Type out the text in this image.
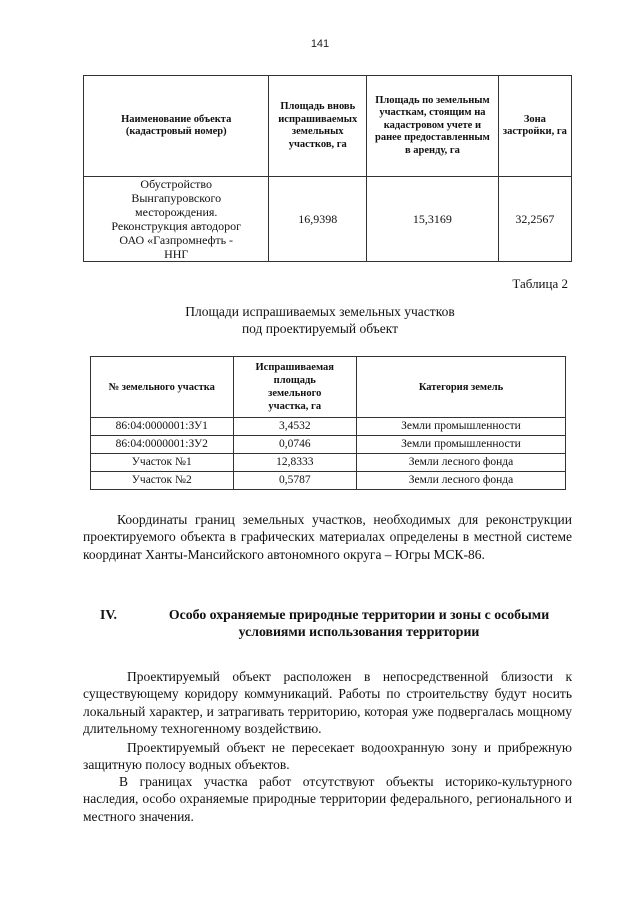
141
Наименование объекта (кадастровый номер)	Площадь вновь испрашиваемых земельных участков, га	Площадь по земельным участкам, стоящим на кадастровом учете и ранее предоставленным в аренду, га	Зона застройки, га
Обустройство Вынгапуровского месторождения. Реконструкция автодорог ОАО «Газпромнефть - ННГ	16,9398	15,3169	32,2567
Таблица 2
Площади испрашиваемых земельных участков
под проектируемый объект
№ земельного участка	Испрашиваемая площадь земельного участка, га	Категория земель
86:04:0000001:ЗУ1	3,4532	Земли промышленности
86:04:0000001:ЗУ2	0,0746	Земли промышленности
Участок №1	12,8333	Земли лесного фонда
Участок №2	0,5787	Земли лесного фонда
Координаты границ земельных участков, необходимых для реконструкции проектируемого объекта в графических материалах определены в местной системе координат Ханты-Мансийского автономного округа – Югры МСК-86.
IV.	Особо охраняемые природные территории и зоны с особыми условиями использования территории
Проектируемый объект расположен в непосредственной близости к существующему коридору коммуникаций. Работы по строительству будут носить локальный характер, и затрагивать территорию, которая уже подвергалась мощному длительному техногенному воздействию.
Проектируемый объект не пересекает водоохранную зону и прибрежную защитную полосу водных объектов.
В границах участка работ отсутствуют объекты историко-культурного наследия, особо охраняемые природные территории федерального, регионального и местного значения.
